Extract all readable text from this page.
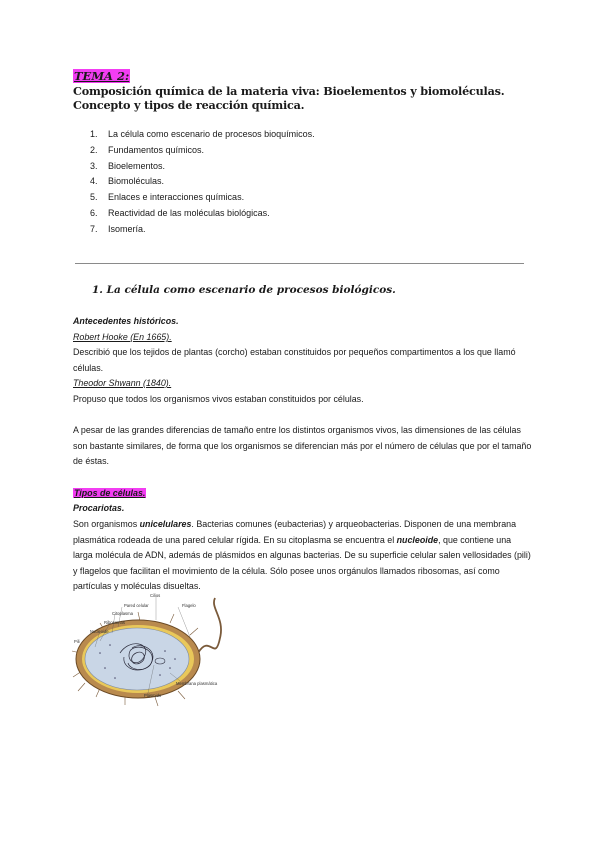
TEMA 2:
Composición química de la materia viva: Bioelementos y biomoléculas. Concepto y tipos de reacción química.
1.	La célula como escenario de procesos bioquímicos.
2.	Fundamentos químicos.
3.	Bioelementos.
4.	Biomoléculas.
5.	Enlaces e interacciones químicas.
6.	Reactividad de las moléculas biológicas.
7.	Isomería.
1. La célula como escenario de procesos biológicos.
Antecedentes históricos.
Robert Hooke (En 1665).
Describió que los tejidos de plantas (corcho) estaban constituidos por pequeños compartimentos a los que llamó células.
Theodor Shwann (1840).
Propuso que todos los organismos vivos estaban constituidos por células.
A pesar de las grandes diferencias de tamaño entre los distintos organismos vivos, las dimensiones de las células son bastante similares, de forma que los organismos se diferencian más por el número de células que por el tamaño de éstas.
Tipos de células.
Procariotas.
Son organismos unicelulares. Bacterias comunes (eubacterias) y arqueobacterias. Disponen de una membrana plasmática rodeada de una pared celular rígida. En su citoplasma se encuentra el nucleoide, que contiene una larga molécula de ADN, además de plásmidos en algunas bacterias. De su superficie celular salen vellosidades (pili) y flagelos que facilitan el movimiento de la célula. Sólo posee unos orgánulos llamados ribosomas, así como partículas y moléculas disueltas.
Cilios
Flagelo
Pared celular
Citoplasma
Ribosomas
Nucleoide
Pili
Membrana plasmática
Plásmido
